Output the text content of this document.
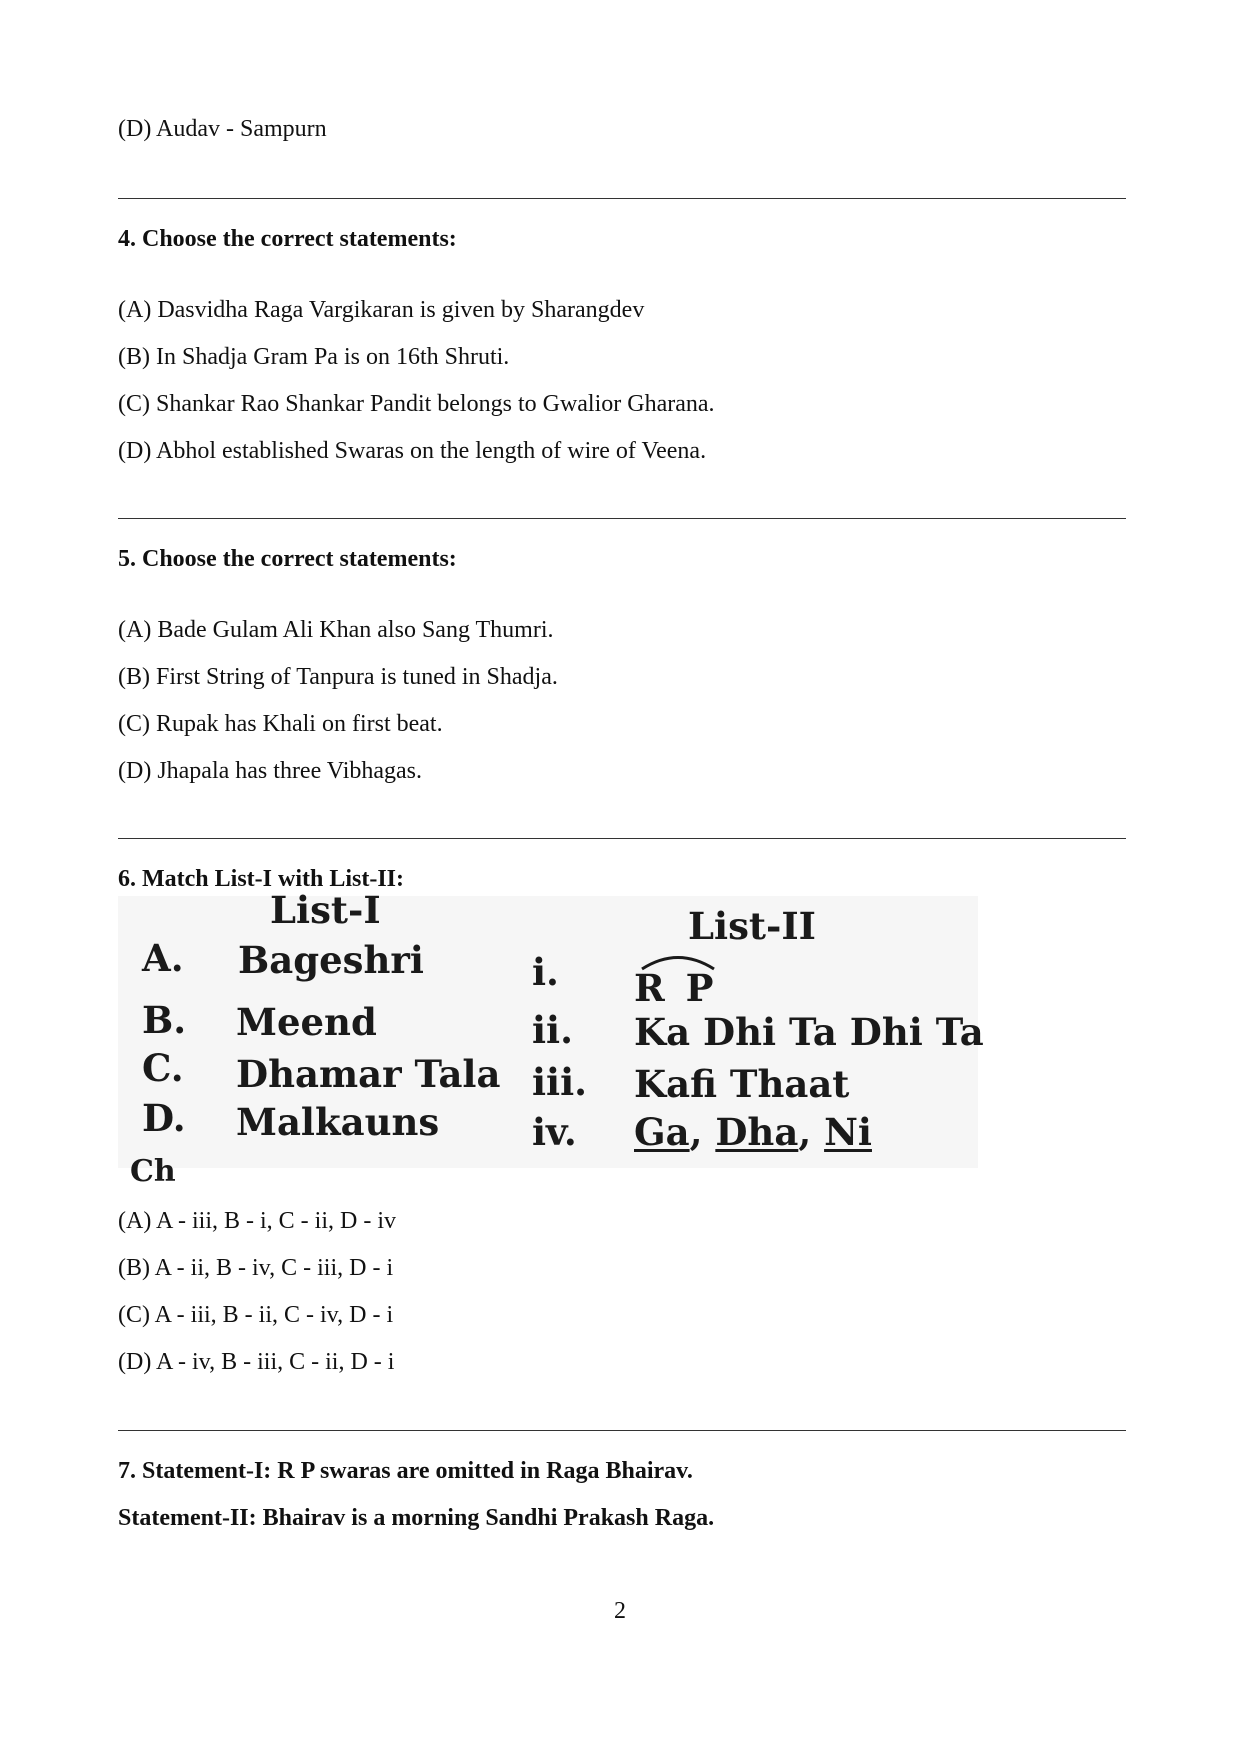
(D) Audav - Sampurn
4. Choose the correct statements:
(A) Dasvidha Raga Vargikaran is given by Sharangdev
(B) In Shadja Gram Pa is on 16th Shruti.
(C) Shankar Rao Shankar Pandit belongs to Gwalior Gharana.
(D) Abhol established Swaras on the length of wire of Veena.
5. Choose the correct statements:
(A) Bade Gulam Ali Khan also Sang Thumri.
(B) First String of Tanpura is tuned in Shadja.
(C) Rupak has Khali on first beat.
(D) Jhapala has three Vibhagas.
6. Match List-I with List-II:
List-I	List-II
A. Bageshri
B. Meend
C. Dhamar Tala
D. Malkauns
i. R P
ii. Ka Dhi Ta Dhi Ta
iii. Kafi Thaat
iv. Ga, Dha, Ni
Ch
(A) A - iii, B - i, C - ii, D - iv
(B) A - ii, B - iv, C - iii, D - i
(C) A - iii, B - ii, C - iv, D - i
(D) A - iv, B - iii, C - ii, D - i
7. Statement-I: R P swaras are omitted in Raga Bhairav.
Statement-II: Bhairav is a morning Sandhi Prakash Raga.
2
